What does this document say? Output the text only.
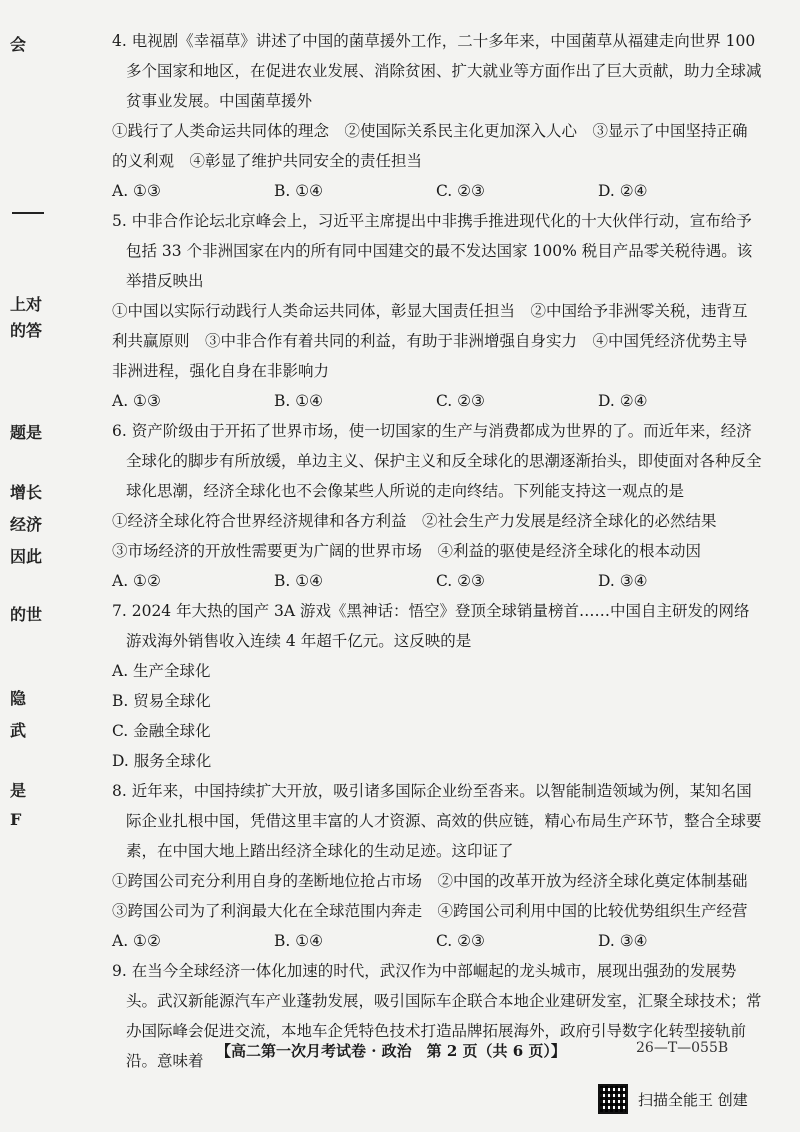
会
上对
的答
题是
增长
经济
因此
的世
隐
武
是
F

4. 电视剧《幸福草》讲述了中国的菌草援外工作，二十多年来，中国菌草从福建走向世界 100 多个国家和地区，在促进农业发展、消除贫困、扩大就业等方面作出了巨大贡献，助力全球减贫事业发展。中国菌草援外

①践行了人类命运共同体的理念　②使国际关系民主化更加深入人心　③显示了中国坚持正确的义利观　④彰显了维护共同安全的责任担当

A. ①③	B. ①④	C. ②③	D. ②④

5. 中非合作论坛北京峰会上，习近平主席提出中非携手推进现代化的十大伙伴行动，宣布给予包括 33 个非洲国家在内的所有同中国建交的最不发达国家 100% 税目产品零关税待遇。该举措反映出

①中国以实际行动践行人类命运共同体，彰显大国责任担当　②中国给予非洲零关税，违背互利共赢原则　③中非合作有着共同的利益，有助于非洲增强自身实力　④中国凭经济优势主导非洲进程，强化自身在非影响力

A. ①③	B. ①④	C. ②③	D. ②④

6. 资产阶级由于开拓了世界市场，使一切国家的生产与消费都成为世界的了。而近年来，经济全球化的脚步有所放缓，单边主义、保护主义和反全球化的思潮逐渐抬头，即使面对各种反全球化思潮，经济全球化也不会像某些人所说的走向终结。下列能支持这一观点的是

①经济全球化符合世界经济规律和各方利益　②社会生产力发展是经济全球化的必然结果

③市场经济的开放性需要更为广阔的世界市场　④利益的驱使是经济全球化的根本动因

A. ①②	B. ①④	C. ②③	D. ③④

7. 2024 年大热的国产 3A 游戏《黑神话：悟空》登顶全球销量榜首……中国自主研发的网络游戏海外销售收入连续 4 年超千亿元。这反映的是

A. 生产全球化
B. 贸易全球化
C. 金融全球化
D. 服务全球化

8. 近年来，中国持续扩大开放，吸引诸多国际企业纷至沓来。以智能制造领域为例，某知名国际企业扎根中国，凭借这里丰富的人才资源、高效的供应链，精心布局生产环节，整合全球要素，在中国大地上踏出经济全球化的生动足迹。这印证了

①跨国公司充分利用自身的垄断地位抢占市场　②中国的改革开放为经济全球化奠定体制基础　③跨国公司为了利润最大化在全球范围内奔走　④跨国公司利用中国的比较优势组织生产经营

A. ①②	B. ①④	C. ②③	D. ③④

9. 在当今全球经济一体化加速的时代，武汉作为中部崛起的龙头城市，展现出强劲的发展势头。武汉新能源汽车产业蓬勃发展，吸引国际车企联合本地企业建研发室，汇聚全球技术；常办国际峰会促进交流，本地车企凭特色技术打造品牌拓展海外，政府引导数字化转型接轨前沿。意味着

【高二第一次月考试卷 · 政治　第 2 页（共 6 页）】	26—T—055B
扫描全能王 创建
